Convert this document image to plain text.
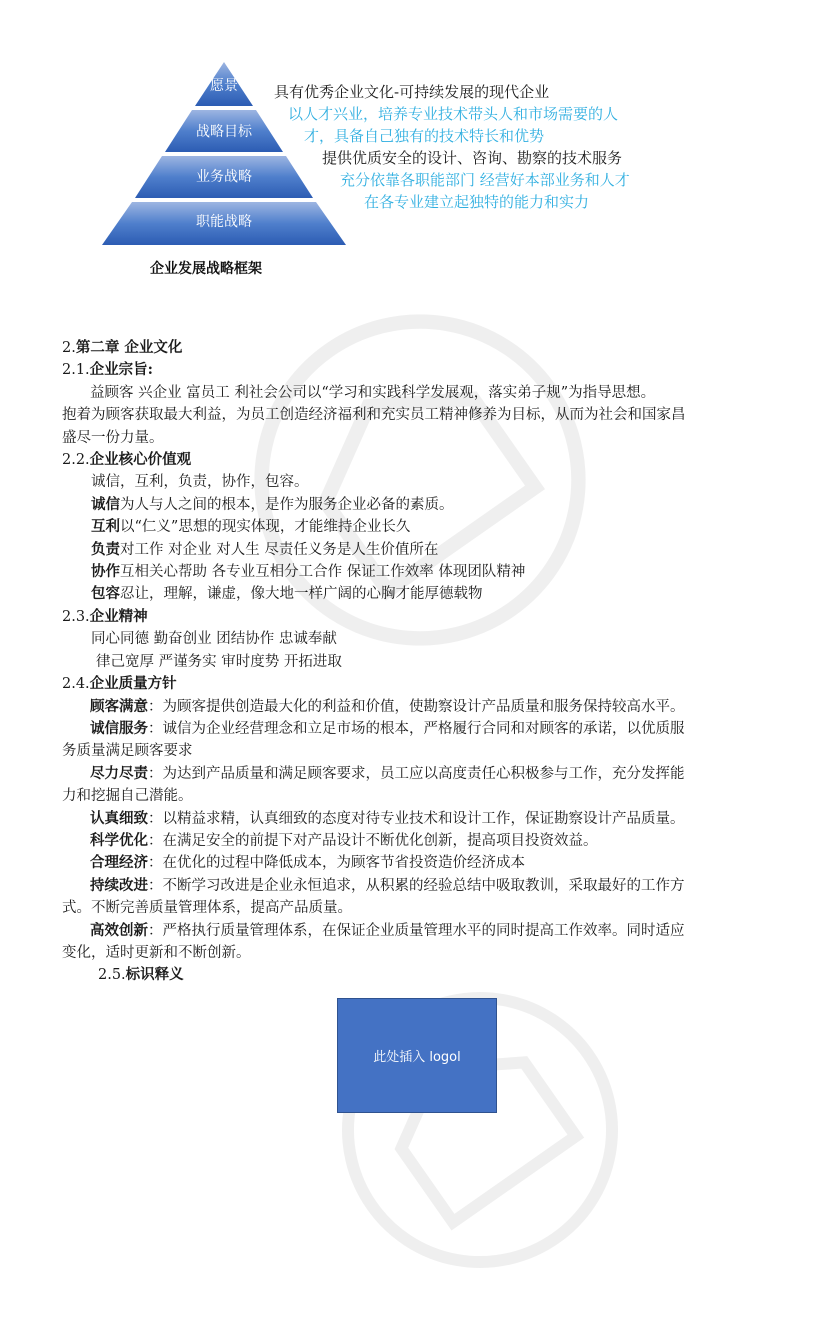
愿景
战略目标
业务战略
职能战略
具有优秀企业文化-可持续发展的现代企业
以人才兴业，培养专业技术带头人和市场需要的人
才，具备自己独有的技术特长和优势
提供优质安全的设计、咨询、勘察的技术服务
充分依靠各职能部门 经营好本部业务和人才
在各专业建立起独特的能力和实力
企业发展战略框架

2.第二章 企业文化

2.1.企业宗旨:

益顾客 兴企业 富员工 利社会公司以“学习和实践科学发展观，落实弟子规”为指导思想。

抱着为顾客获取最大利益，为员工创造经济福利和充实员工精神修养为目标，从而为社会和国家昌

盛尽一份力量。

2.2.企业核心价值观

诚信，互利，负责，协作，包容。

诚信为人与人之间的根本，是作为服务企业必备的素质。

互利以“仁义”思想的现实体现，才能维持企业长久

负责对工作 对企业 对人生 尽责任义务是人生价值所在

协作互相关心帮助 各专业互相分工合作 保证工作效率 体现团队精神

包容忍让，理解，谦虚，像大地一样广阔的心胸才能厚德载物

2.3.企业精神

同心同德 勤奋创业 团结协作 忠诚奉献

律己宽厚 严谨务实 审时度势 开拓进取

2.4.企业质量方针

顾客满意：为顾客提供创造最大化的利益和价值，使勘察设计产品质量和服务保持较高水平。
诚信服务：诚信为企业经营理念和立足市场的根本，严格履行合同和对顾客的承诺，以优质服

务质量满足顾客要求

尽力尽责：为达到产品质量和满足顾客要求，员工应以高度责任心积极参与工作，充分发挥能

力和挖掘自己潜能。

认真细致：以精益求精，认真细致的态度对待专业技术和设计工作，保证勘察设计产品质量。
科学优化：在满足安全的前提下对产品设计不断优化创新，提高项目投资效益。
合理经济：在优化的过程中降低成本，为顾客节省投资造价经济成本
持续改进：不断学习改进是企业永恒追求，从积累的经验总结中吸取教训，采取最好的工作方

式。不断完善质量管理体系，提高产品质量。

高效创新：严格执行质量管理体系，在保证企业质量管理水平的同时提高工作效率。同时适应

变化，适时更新和不断创新。

2.5.标识释义

此处插入 logol
